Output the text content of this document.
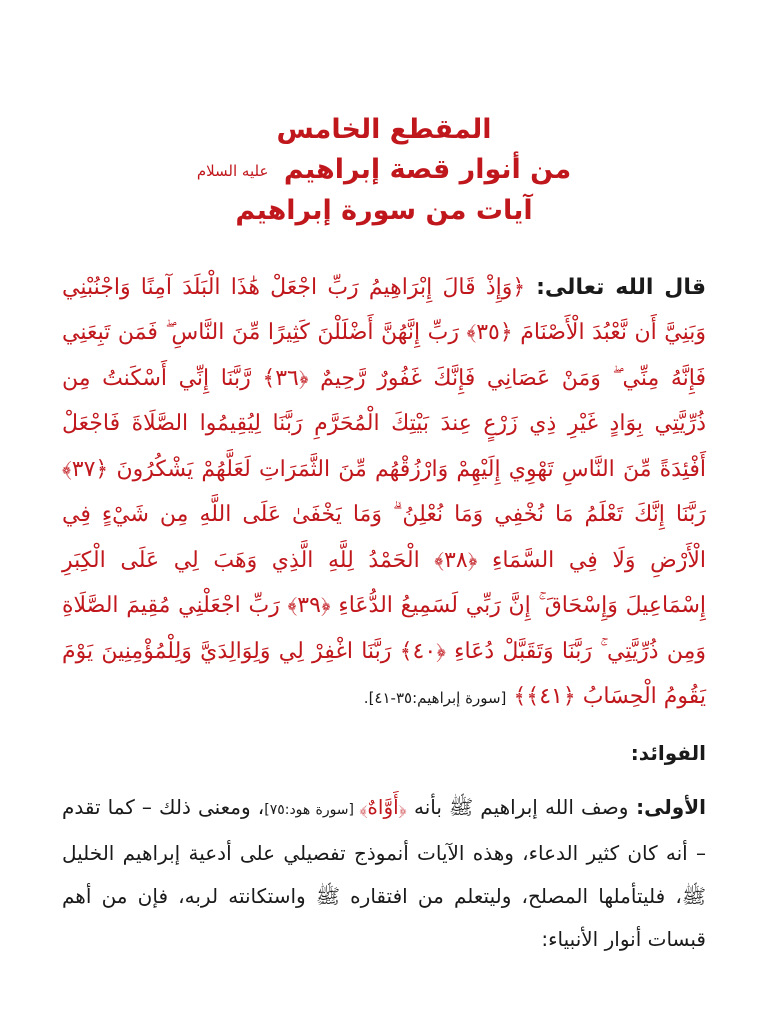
المقطع الخامس

من أنوار قصة إبراهيم عليه السلام

آيات من سورة إبراهيم

قال الله تعالى: ﴿وَإِذْ قَالَ إِبْرَاهِيمُ رَبِّ اجْعَلْ هَٰذَا الْبَلَدَ آمِنًا وَاجْنُبْنِي وَبَنِيَّ أَن نَّعْبُدَ الْأَصْنَامَ ﴿٣٥﴾ رَبِّ إِنَّهُنَّ أَضْلَلْنَ كَثِيرًا مِّنَ النَّاسِ ۖ فَمَن تَبِعَنِي فَإِنَّهُ مِنِّي ۖ وَمَنْ عَصَانِي فَإِنَّكَ غَفُورٌ رَّحِيمٌ ﴿٣٦﴾ رَّبَّنَا إِنِّي أَسْكَنتُ مِن ذُرِّيَّتِي بِوَادٍ غَيْرِ ذِي زَرْعٍ عِندَ بَيْتِكَ الْمُحَرَّمِ رَبَّنَا لِيُقِيمُوا الصَّلَاةَ فَاجْعَلْ أَفْئِدَةً مِّنَ النَّاسِ تَهْوِي إِلَيْهِمْ وَارْزُقْهُم مِّنَ الثَّمَرَاتِ لَعَلَّهُمْ يَشْكُرُونَ ﴿٣٧﴾ رَبَّنَا إِنَّكَ تَعْلَمُ مَا نُخْفِي وَمَا نُعْلِنُ ۗ وَمَا يَخْفَىٰ عَلَى اللَّهِ مِن شَيْءٍ فِي الْأَرْضِ وَلَا فِي السَّمَاءِ ﴿٣٨﴾ الْحَمْدُ لِلَّهِ الَّذِي وَهَبَ لِي عَلَى الْكِبَرِ إِسْمَاعِيلَ وَإِسْحَاقَ ۚ إِنَّ رَبِّي لَسَمِيعُ الدُّعَاءِ ﴿٣٩﴾ رَبِّ اجْعَلْنِي مُقِيمَ الصَّلَاةِ وَمِن ذُرِّيَّتِي ۚ رَبَّنَا وَتَقَبَّلْ دُعَاءِ ﴿٤٠﴾ رَبَّنَا اغْفِرْ لِي وَلِوَالِدَيَّ وَلِلْمُؤْمِنِينَ يَوْمَ يَقُومُ الْحِسَابُ ﴿٤١﴾﴾ [سورة إبراهيم:٣٥-٤١].
الفوائد:
الأولى: وصف الله إبراهيم ﷺ بأنه ﴿أَوَّاهٌ﴾ [سورة هود:٧٥]، ومعنى ذلك – كما تقدم – أنه كان كثير الدعاء، وهذه الآيات أنموذج تفصيلي على أدعية إبراهيم الخليل ﷺ، فليتأملها المصلح، وليتعلم من افتقاره ﷺ واستكانته لربه، فإن من أهم قبسات أنوار الأنبياء:
